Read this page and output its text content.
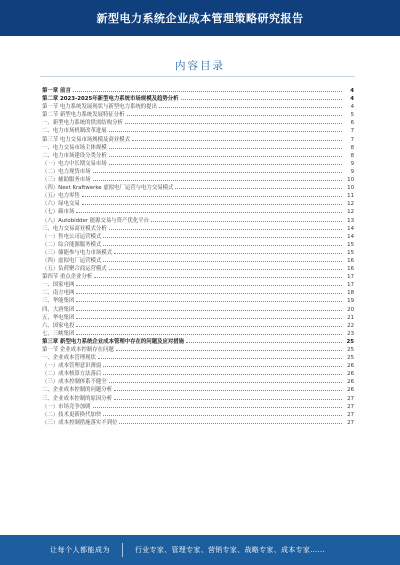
新型电力系统企业成本管理策略研究报告
内容目录
第一章 前言	4
第二章 2023-2025年新型电力系统市场规模及趋势分析	4
第一节 电力系统发展现状与新型电力系统的提出	4
第二节 新型电力系统发展特征分析	5
一、新型电力系统的供需结构分析	6
二、电力市场机制改革进展	7
第三节 电力交易市场规模及商业模式	7
一、电力交易市场主体规模	8
二、电力市场建设分类分析	8
（一）电力中长期交易市场	9
（二）电力现货市场	9
（三）辅助服务市场	10
（四）Next Kraftwerke 虚拟电厂运营与电力交易模式	10
（五）电力零售	11
（六）绿电交易	12
（七）碳市场	12
（八）Autobidder 能源交易与资产优化平台	13
三、电力交易商业模式分析	14
（一）售电公司运营模式	14
（二）综合能源服务模式	15
（三）储能参与电力市场模式	15
（四）虚拟电厂运营模式	16
（五）负荷聚合商运营模式	16
第四节 重点企业分析	17
一、国家电网	17
二、南方电网	18
三、华能集团	19
四、大唐集团	20
五、华电集团	21
六、国家电投	22
七、三峡集团	23
第三章 新型电力系统企业成本管理中存在的问题及应对措施	25
第一节 企业成本控制存在问题	25
一、企业成本管理现状	25
（一）成本管理意识薄弱	26
（二）成本核算方法落后	26
（三）成本控制体系不健全	26
二、企业成本控制的问题分析	26
三、企业成本控制的原因分析	27
（一）市场竞争加剧	27
（二）技术更新换代加快	27
（三）成本控制措施落实不到位	27
让每个人都能成为	行业专家、管理专家、营销专家、战略专家、成本专家……
